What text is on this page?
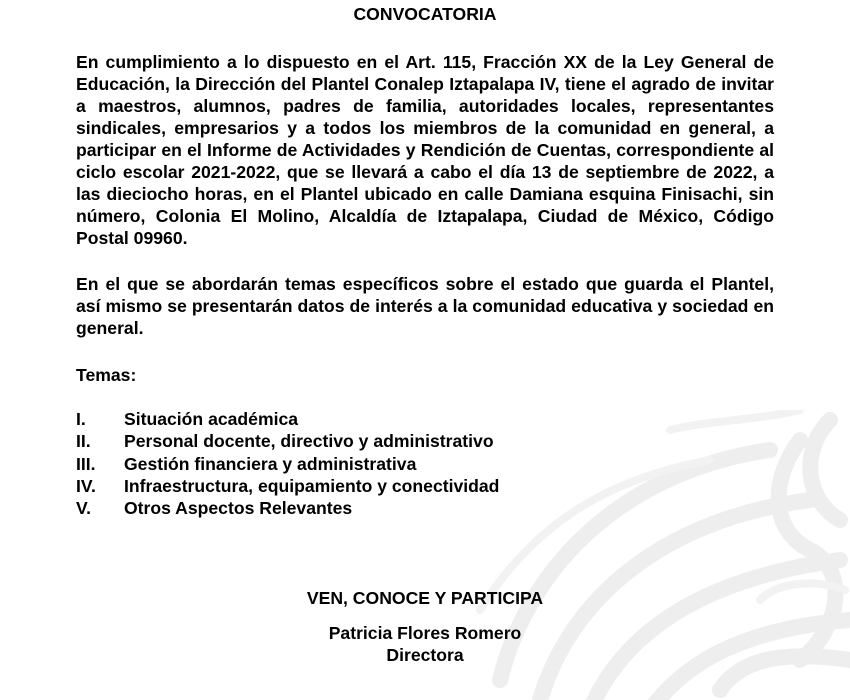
CONVOCATORIA

En cumplimiento a lo dispuesto en el Art. 115, Fracción XX de la Ley General de Educación, la Dirección del Plantel Conalep Iztapalapa IV, tiene el agrado de invitar a maestros, alumnos, padres de familia, autoridades locales, representantes sindicales, empresarios y a todos los miembros de la comunidad en general, a participar en el Informe de Actividades y Rendición de Cuentas, correspondiente al ciclo escolar 2021-2022, que se llevará a cabo el día 13 de septiembre de 2022, a las dieciocho horas, en el Plantel ubicado en calle Damiana esquina Finisachi, sin número, Colonia El Molino, Alcaldía de Iztapalapa, Ciudad de México, Código Postal 09960.

En el que se abordarán temas específicos sobre el estado que guarda el Plantel, así mismo se presentarán datos de interés a la comunidad educativa y sociedad en general.

Temas:
I. Situación académica
II. Personal docente, directivo y administrativo
III. Gestión financiera y administrativa
IV. Infraestructura, equipamiento y conectividad
V. Otros Aspectos Relevantes
VEN, CONOCE Y PARTICIPA
Patricia Flores Romero
Directora
